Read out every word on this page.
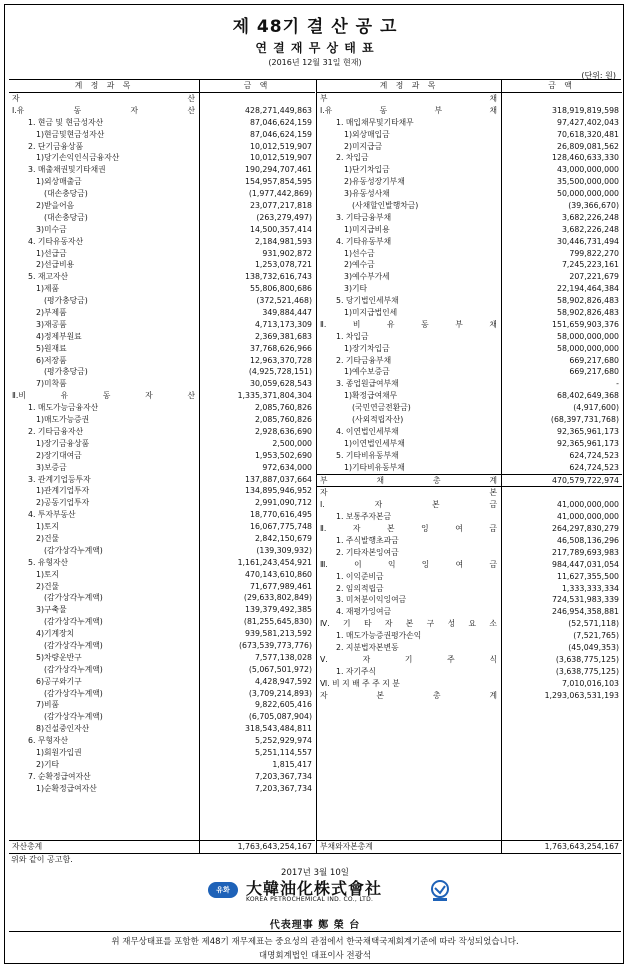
제 48기 결 산 공 고
연 결 재 무 상 태 표
(2016년 12월 31일 현재)
(단위: 원)
계 정 과 목	금 액
자	산
Ⅰ.유	동	자	산	428,271,449,863
1. 현금 및 현금성자산	87,046,624,159
1)현금및현금성자산	87,046,624,159
2. 단기금융상품	10,012,519,907
1)당기손익인식금융자산	10,012,519,907
3. 매출채권및기타채권	190,294,707,461
1)외상매출금	154,957,854,595
(대손충당금)	(1,977,442,869)
2)받을어음	23,077,217,818
(대손충당금)	(263,279,497)
3)미수금	14,500,357,414
4. 기타유동자산	2,184,981,593
1)선급금	931,902,872
2)선급비용	1,253,078,721
5. 재고자산	138,732,616,743
1)제품	55,806,800,686
(평가충당금)	(372,521,468)
2)부제품	349,884,447
3)재공품	4,713,173,309
4)정제부원료	2,369,381,683
5)원재료	37,768,626,966
6)저장품	12,963,370,728
(평가충당금)	(4,925,728,151)
7)미착품	30,059,628,543
Ⅱ.비	유	동	자	산	1,335,371,804,304
1. 매도가능금융자산	2,085,760,826
1)매도가능증권	2,085,760,826
2. 기타금융자산	2,928,636,690
1)장기금융상품	2,500,000
2)장기대여금	1,953,502,690
3)보증금	972,634,000
3. 관계기업등투자	137,887,037,664
1)관계기업투자	134,895,946,952
2)공동기업투자	2,991,090,712
4. 투자부동산	18,770,616,495
1)토지	16,067,775,748
2)건물	2,842,150,679
(감가상각누계액)	(139,309,932)
5. 유형자산	1,161,243,454,921
1)토지	470,143,610,860
2)건물	71,677,989,461
(감가상각누계액)	(29,633,802,849)
3)구축물	139,379,492,385
(감가상각누계액)	(81,255,645,830)
4)기계장치	939,581,213,592
(감가상각누계액)	(673,539,773,776)
5)차량운반구	7,577,138,028
(감가상각누계액)	(5,067,501,972)
6)공구와기구	4,428,947,592
(감가상각누계액)	(3,709,214,893)
7)비품	9,822,605,416
(감가상각누계액)	(6,705,087,904)
8)건설중인자산	318,543,484,811
6. 무형자산	5,252,929,974
1)회원가입권	5,251,114,557
2)기타	1,815,417
7. 순확정급여자산	7,203,367,734
1)순확정급여자산	7,203,367,734
자산총계	1,763,643,254,167
계 정 과 목	금 액
부	채
Ⅰ.유	동	부	채	318,919,819,598
1. 매입채무및기타채무	97,427,402,043
1)외상매입금	70,618,320,481
2)미지급금	26,809,081,562
2. 차입금	128,460,633,330
1)단기차입금	43,000,000,000
2)유동성장기부채	35,500,000,000
3)유동성사채	50,000,000,000
(사채할인발행차금)	(39,366,670)
3. 기타금융부채	3,682,226,248
1)미지급비용	3,682,226,248
4. 기타유동부채	30,446,731,494
1)선수금	799,822,270
2)예수금	7,245,223,161
3)예수부가세	207,221,679
3)기타	22,194,464,384
5. 당기법인세부채	58,902,826,483
1)미지급법인세	58,902,826,483
Ⅱ.	비	유	동	부	채	151,659,903,376
1. 차입금	58,000,000,000
1)장기차입금	58,000,000,000
2. 기타금융부채	669,217,680
1)예수보증금	669,217,680
3. 종업원급여부채	-
1)확정급여채무	68,402,649,368
(국민연금전환금)	(4,917,600)
(사외적립자산)	(68,397,731,768)
4. 이연법인세부채	92,365,961,173
1)이연법인세부채	92,365,961,173
5. 기타비유동부채	624,724,523
1)기타비유동부채	624,724,523
부	채	총	계	470,579,722,974
자	본
Ⅰ.	자	본	금	41,000,000,000
1. 보통주자본금	41,000,000,000
Ⅱ.	자	본	잉	여	금	264,297,830,279
1. 주식발행초과금	46,508,136,296
2. 기타자본잉여금	217,789,693,983
Ⅲ.	이	익	잉	여	금	984,447,031,054
1. 이익준비금	11,627,355,500
2. 임의적립금	1,333,333,334
3. 미처분이익잉여금	724,531,983,339
4. 재평가잉여금	246,954,358,881
Ⅳ. 기 타 자 본 구 성 요 소	(52,571,118)
1. 매도가능증권평가손익	(7,521,765)
2. 지분법자본변동	(45,049,353)
Ⅴ.	자	기	주	식	(3,638,775,125)
1. 자기주식	(3,638,775,125)
Ⅵ. 비 지 배 주 주 지 분	7,010,016,103
자	본	총	계	1,293,063,531,193
부채와자본총계	1,763,643,254,167
위와 같이 공고함.
2017년 3월 10일
유화	大韓油化株式會社
KOREA PETROCHEMICAL IND. CO., LTD.
代表理事 鄭 榮 台
위 재무상태표를 포함한 제48기 재무제표는 중요성의 관점에서 한국채택국제회계기준에 따라 작성되었습니다.
대명회계법인 대표이사 전광석
